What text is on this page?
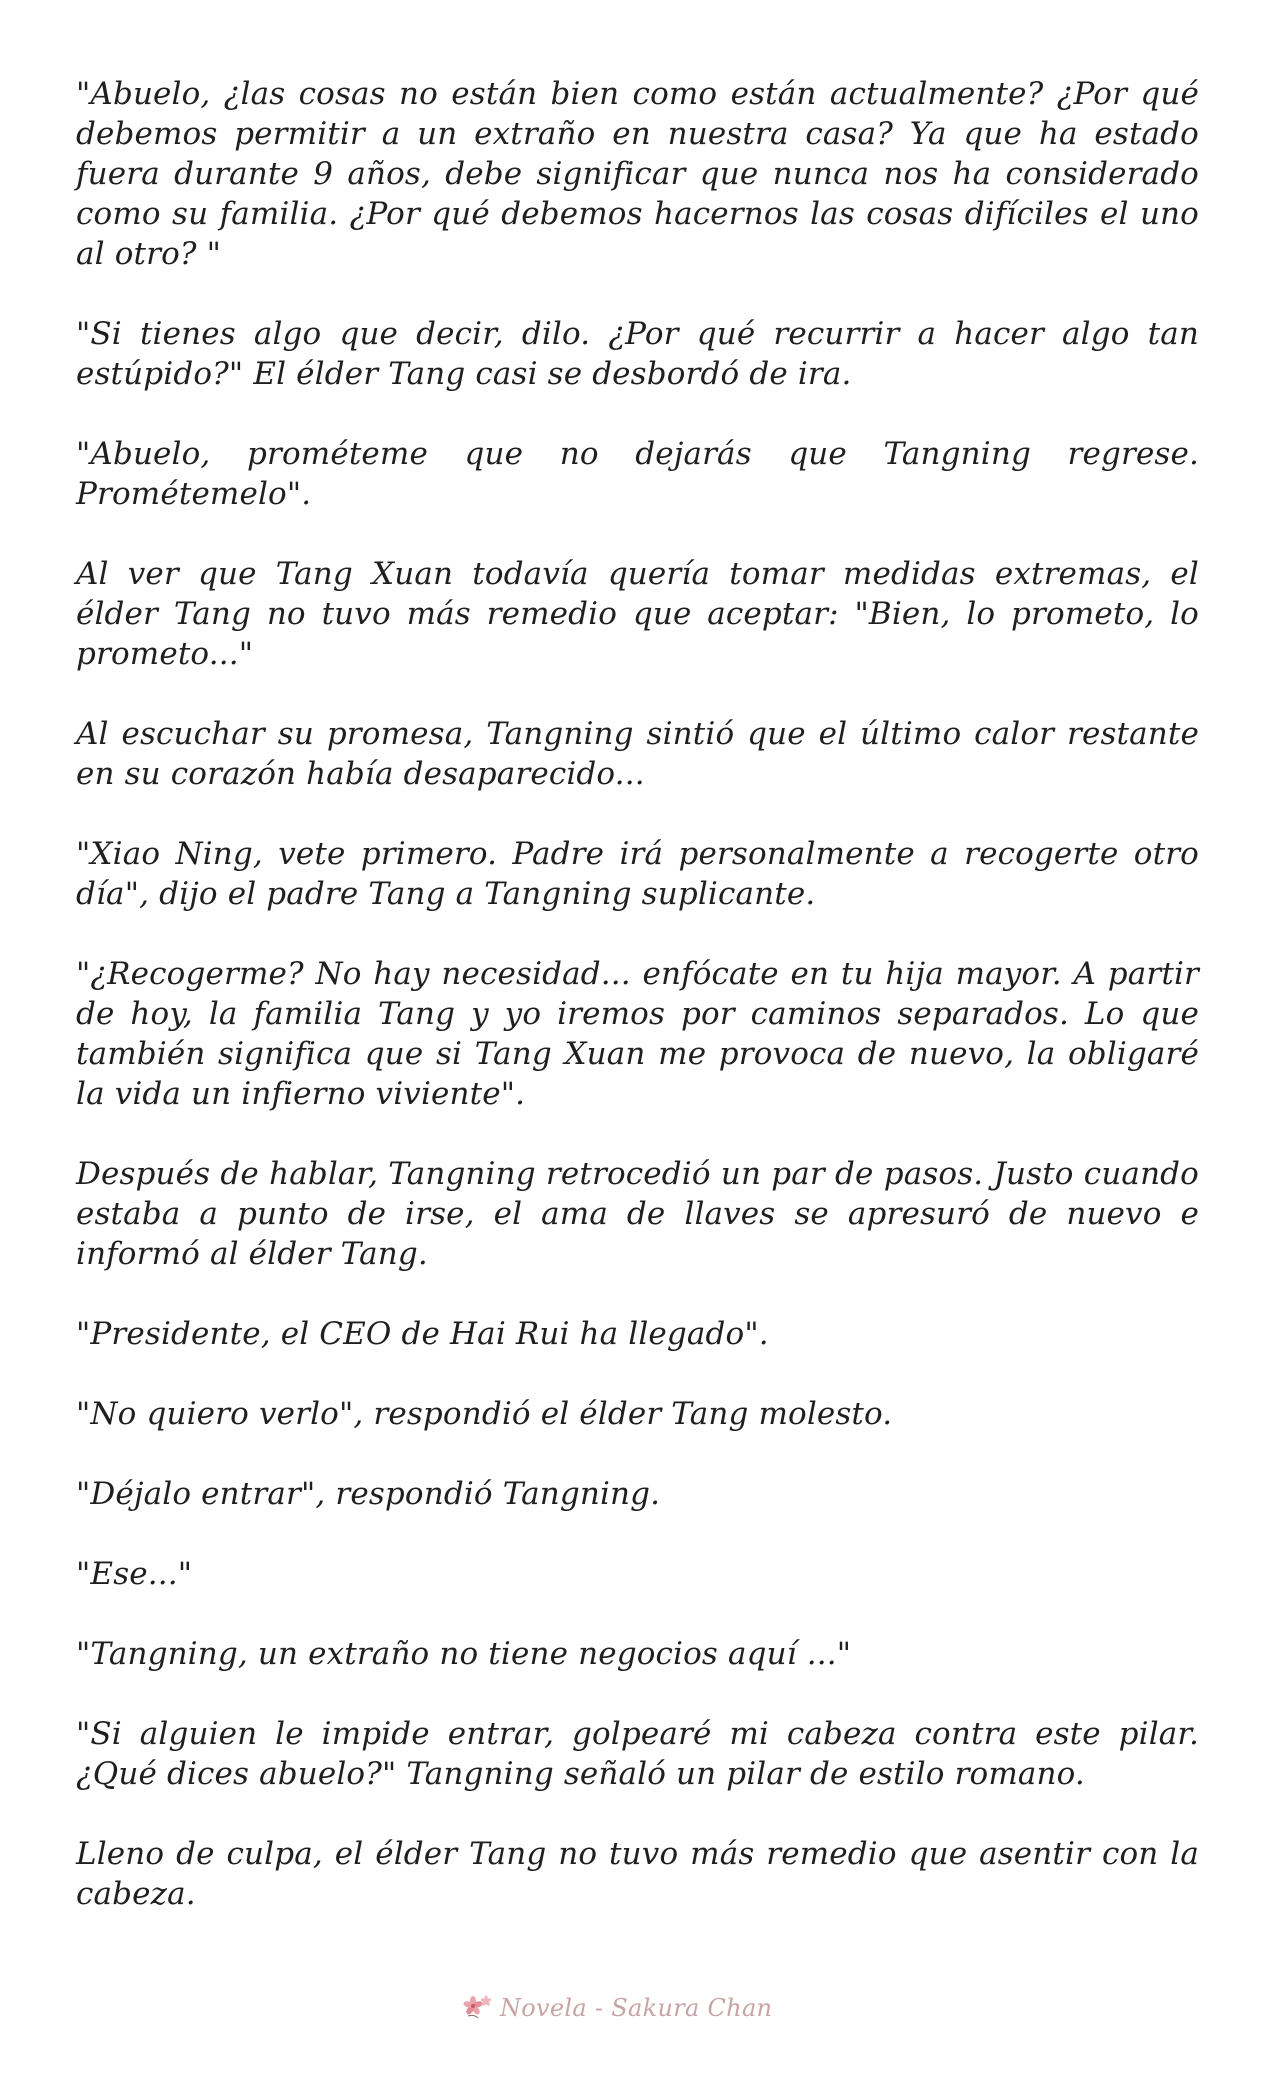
"Abuelo, ¿las cosas no están bien como están actualmente? ¿Por qué debemos permitir a un extraño en nuestra casa? Ya que ha estado fuera durante 9 años, debe significar que nunca nos ha considerado como su familia. ¿Por qué debemos hacernos las cosas difíciles el uno al otro? "

"Si tienes algo que decir, dilo. ¿Por qué recurrir a hacer algo tan estúpido?" El élder Tang casi se desbordó de ira.

"Abuelo, prométeme que no dejarás que Tangning regrese. Prométemelo".

Al ver que Tang Xuan todavía quería tomar medidas extremas, el élder Tang no tuvo más remedio que aceptar: "Bien, lo prometo, lo prometo..."

Al escuchar su promesa, Tangning sintió que el último calor restante en su corazón había desaparecido...

"Xiao Ning, vete primero. Padre irá personalmente a recogerte otro día", dijo el padre Tang a Tangning suplicante.

"¿Recogerme? No hay necesidad... enfócate en tu hija mayor. A partir de hoy, la familia Tang y yo iremos por caminos separados. Lo que también significa que si Tang Xuan me provoca de nuevo, la obligaré la vida un infierno viviente".

Después de hablar, Tangning retrocedió un par de pasos. Justo cuando estaba a punto de irse, el ama de llaves se apresuró de nuevo e informó al élder Tang.

"Presidente, el CEO de Hai Rui ha llegado".

"No quiero verlo", respondió el élder Tang molesto.

"Déjalo entrar", respondió Tangning.

"Ese..."

"Tangning, un extraño no tiene negocios aquí ..."

"Si alguien le impide entrar, golpearé mi cabeza contra este pilar. ¿Qué dices abuelo?" Tangning señaló un pilar de estilo romano.

Lleno de culpa, el élder Tang no tuvo más remedio que asentir con la cabeza.

Novela - Sakura Chan
